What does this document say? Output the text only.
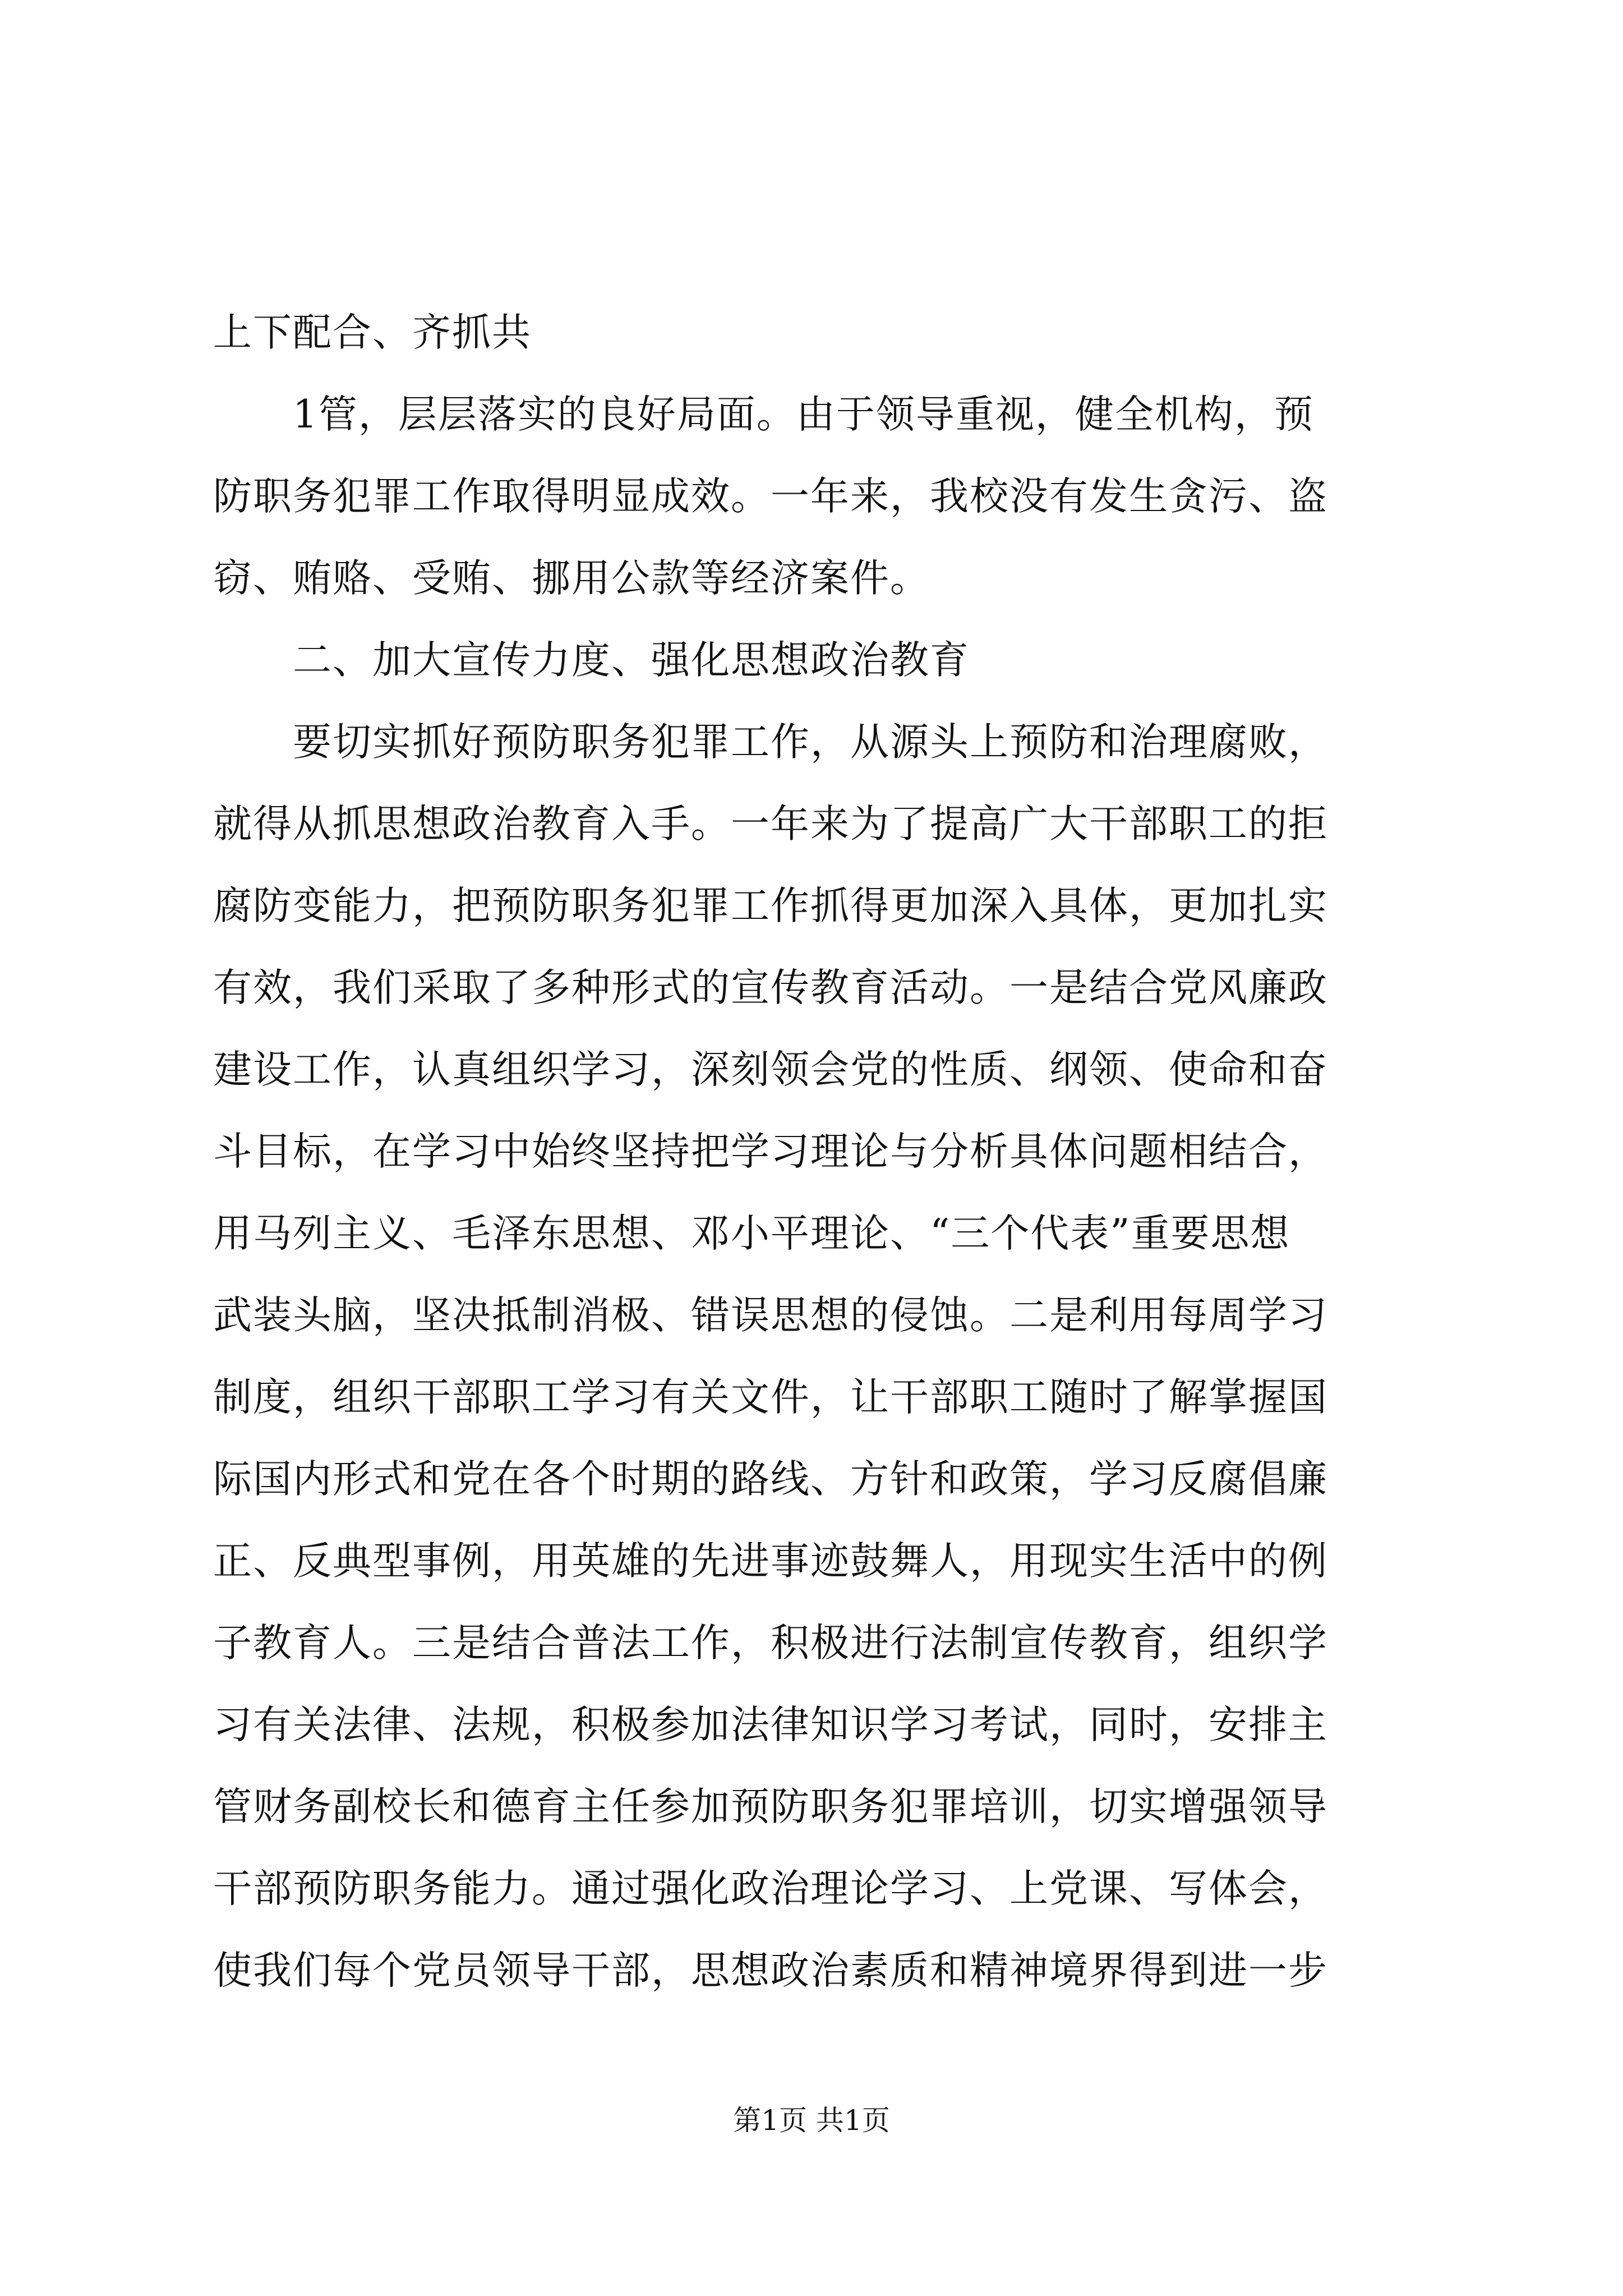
上下配合、齐抓共
1管，层层落实的良好局面。由于领导重视，健全机构，预
防职务犯罪工作取得明显成效。一年来，我校没有发生贪污、盗
窃、贿赂、受贿、挪用公款等经济案件。
二、加大宣传力度、强化思想政治教育
要切实抓好预防职务犯罪工作，从源头上预防和治理腐败，
就得从抓思想政治教育入手。一年来为了提高广大干部职工的拒
腐防变能力，把预防职务犯罪工作抓得更加深入具体，更加扎实
有效，我们采取了多种形式的宣传教育活动。一是结合党风廉政
建设工作，认真组织学习，深刻领会党的性质、纲领、使命和奋
斗目标，在学习中始终坚持把学习理论与分析具体问题相结合，
用马列主义、毛泽东思想、邓小平理论、“三个代表”重要思想
武装头脑，坚决抵制消极、错误思想的侵蚀。二是利用每周学习
制度，组织干部职工学习有关文件，让干部职工随时了解掌握国
际国内形式和党在各个时期的路线、方针和政策，学习反腐倡廉
正、反典型事例，用英雄的先进事迹鼓舞人，用现实生活中的例
子教育人。三是结合普法工作，积极进行法制宣传教育，组织学
习有关法律、法规，积极参加法律知识学习考试，同时，安排主
管财务副校长和德育主任参加预防职务犯罪培训，切实增强领导
干部预防职务能力。通过强化政治理论学习、上党课、写体会，
使我们每个党员领导干部，思想政治素质和精神境界得到进一步
第1页 共1页
